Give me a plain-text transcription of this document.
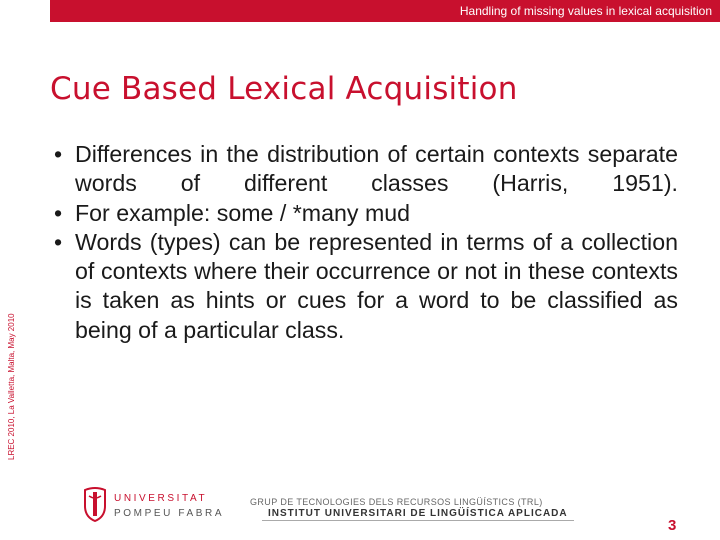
Handling of missing values in lexical acquisition
Cue Based Lexical Acquisition
LREC 2010, La Valletta, Malta, May 2010
• Differences in the distribution of certain contexts separate words of different classes (Harris, 1951).
• For example: some / *many mud
• Words (types) can be represented in terms of a collection of contexts where their occurrence or not in these contexts is taken as hints or cues for a word to be classified as being of a particular class.
UNIVERSITAT
POMPEU FABRA
GRUP DE TECNOLOGIES DELS RECURSOS LINGÜÍSTICS (TRL)
INSTITUT UNIVERSITARI DE LINGÜÍSTICA APLICADA
3
